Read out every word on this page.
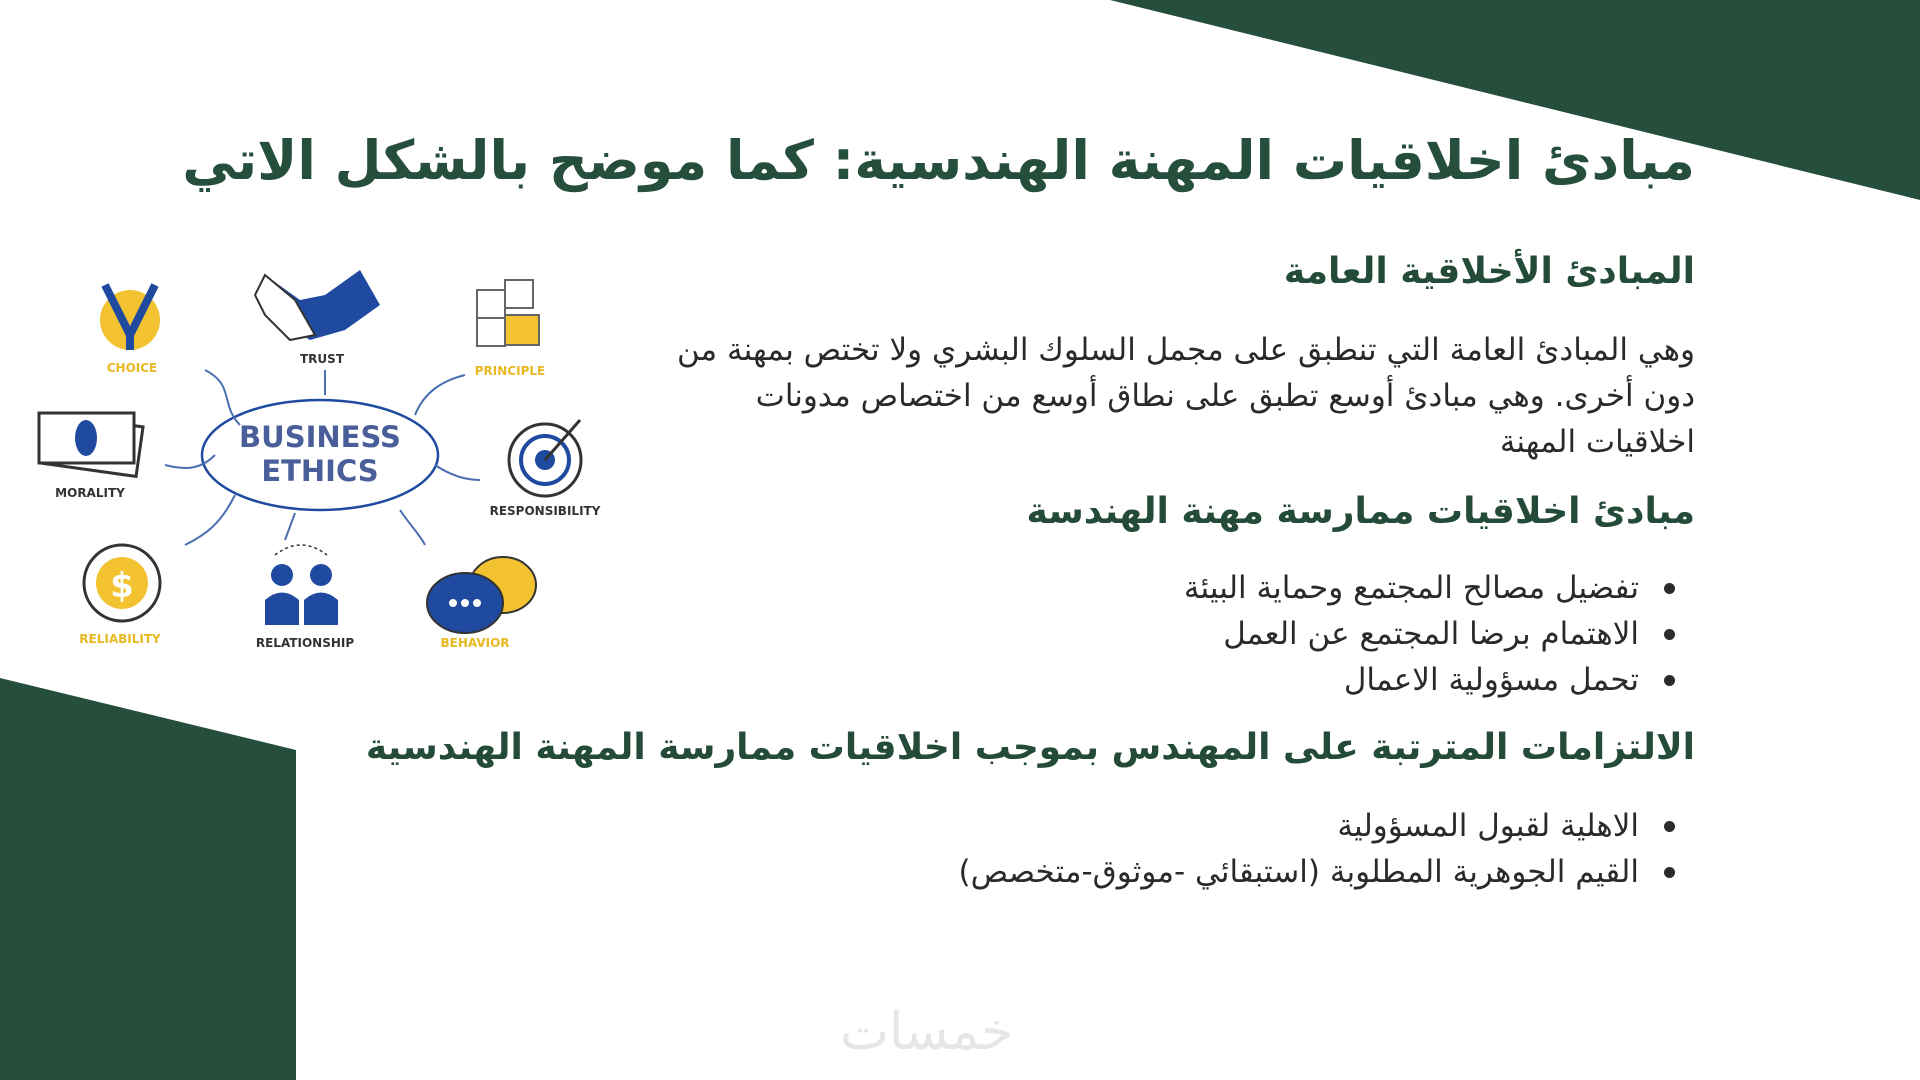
مبادئ اخلاقيات المهنة الهندسية: كما موضح بالشكل الاتي
المبادئ الأخلاقية العامة

وهي المبادئ العامة التي تنطبق على مجمل السلوك البشري ولا تختص بمهنة من دون أخرى. وهي مبادئ أوسع تطبق على نطاق أوسع من اختصاص مدونات اخلاقيات المهنة

مبادئ اخلاقيات ممارسة مهنة الهندسة
تفضيل مصالح المجتمع وحماية البيئة
الاهتمام برضا المجتمع عن العمل
تحمل مسؤولية الاعمال
الالتزامات المترتبة على المهندس بموجب اخلاقيات ممارسة المهنة الهندسية
الاهلية لقبول المسؤولية
القيم الجوهرية المطلوبة (استبقائي -موثوق-متخصص)
BUSINESS
ETHICS
CHOICE
TRUST
PRINCIPLE
MORALITY
RESPONSIBILITY
$
RELIABILITY	RELATIONSHIP	BEHAVIOR
خمسات
